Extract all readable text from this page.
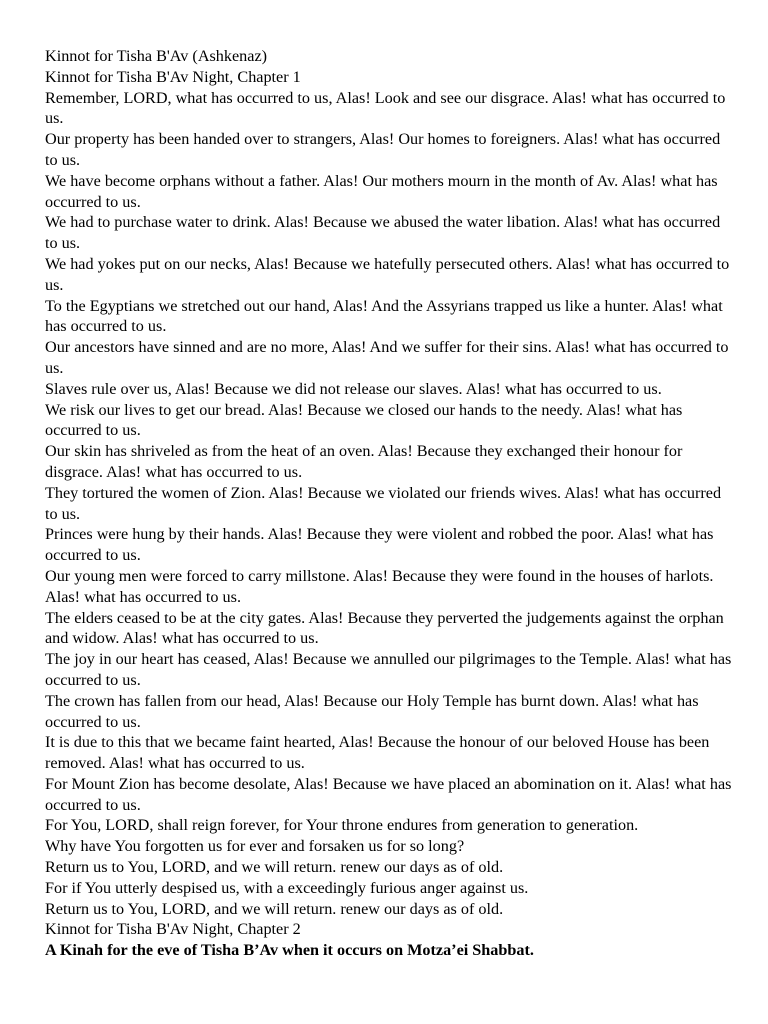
Kinnot for Tisha B'Av (Ashkenaz)

Kinnot for Tisha B'Av Night, Chapter 1

Remember, LORD, what has occurred to us, Alas! Look and see our disgrace. Alas! what has occurred to us.

Our property has been handed over to strangers, Alas! Our homes to foreigners. Alas! what has occurred to us.

We have become orphans without a father. Alas! Our mothers mourn in the month of Av. Alas! what has occurred to us.

We had to purchase water to drink. Alas! Because we abused the water libation. Alas! what has occurred to us.

We had yokes put on our necks, Alas! Because we hatefully persecuted others. Alas! what has occurred to us.

To the Egyptians we stretched out our hand, Alas! And the Assyrians trapped us like a hunter. Alas! what has occurred to us.

Our ancestors have sinned and are no more, Alas! And we suffer for their sins. Alas! what has occurred to us.

Slaves rule over us, Alas! Because we did not release our slaves. Alas! what has occurred to us.

We risk our lives to get our bread. Alas! Because we closed our hands to the needy. Alas! what has occurred to us.

Our skin has shriveled as from the heat of an oven. Alas! Because they exchanged their honour for disgrace. Alas! what has occurred to us.

They tortured the women of Zion. Alas! Because we violated our friends wives. Alas! what has occurred to us.

Princes were hung by their hands. Alas! Because they were violent and robbed the poor. Alas! what has occurred to us.

Our young men were forced to carry millstone. Alas! Because they were found in the houses of harlots. Alas! what has occurred to us.

The elders ceased to be at the city gates. Alas! Because they perverted the judgements against the orphan and widow. Alas! what has occurred to us.

The joy in our heart has ceased, Alas! Because we annulled our pilgrimages to the Temple. Alas! what has occurred to us.

The crown has fallen from our head, Alas! Because our Holy Temple has burnt down. Alas! what has occurred to us.

It is due to this that we became faint hearted, Alas! Because the honour of our beloved House has been removed. Alas! what has occurred to us.

For Mount Zion has become desolate, Alas! Because we have placed an abomination on it. Alas! what has occurred to us.

For You, LORD, shall reign forever, for Your throne endures from generation to generation.

Why have You forgotten us for ever and forsaken us for so long?

Return us to You, LORD, and we will return. renew our days as of old.

For if You utterly despised us, with a exceedingly furious anger against us.

Return us to You, LORD, and we will return. renew our days as of old.

Kinnot for Tisha B'Av Night, Chapter 2

A Kinah for the eve of Tisha B’Av when it occurs on Motza’ei Shabbat.
